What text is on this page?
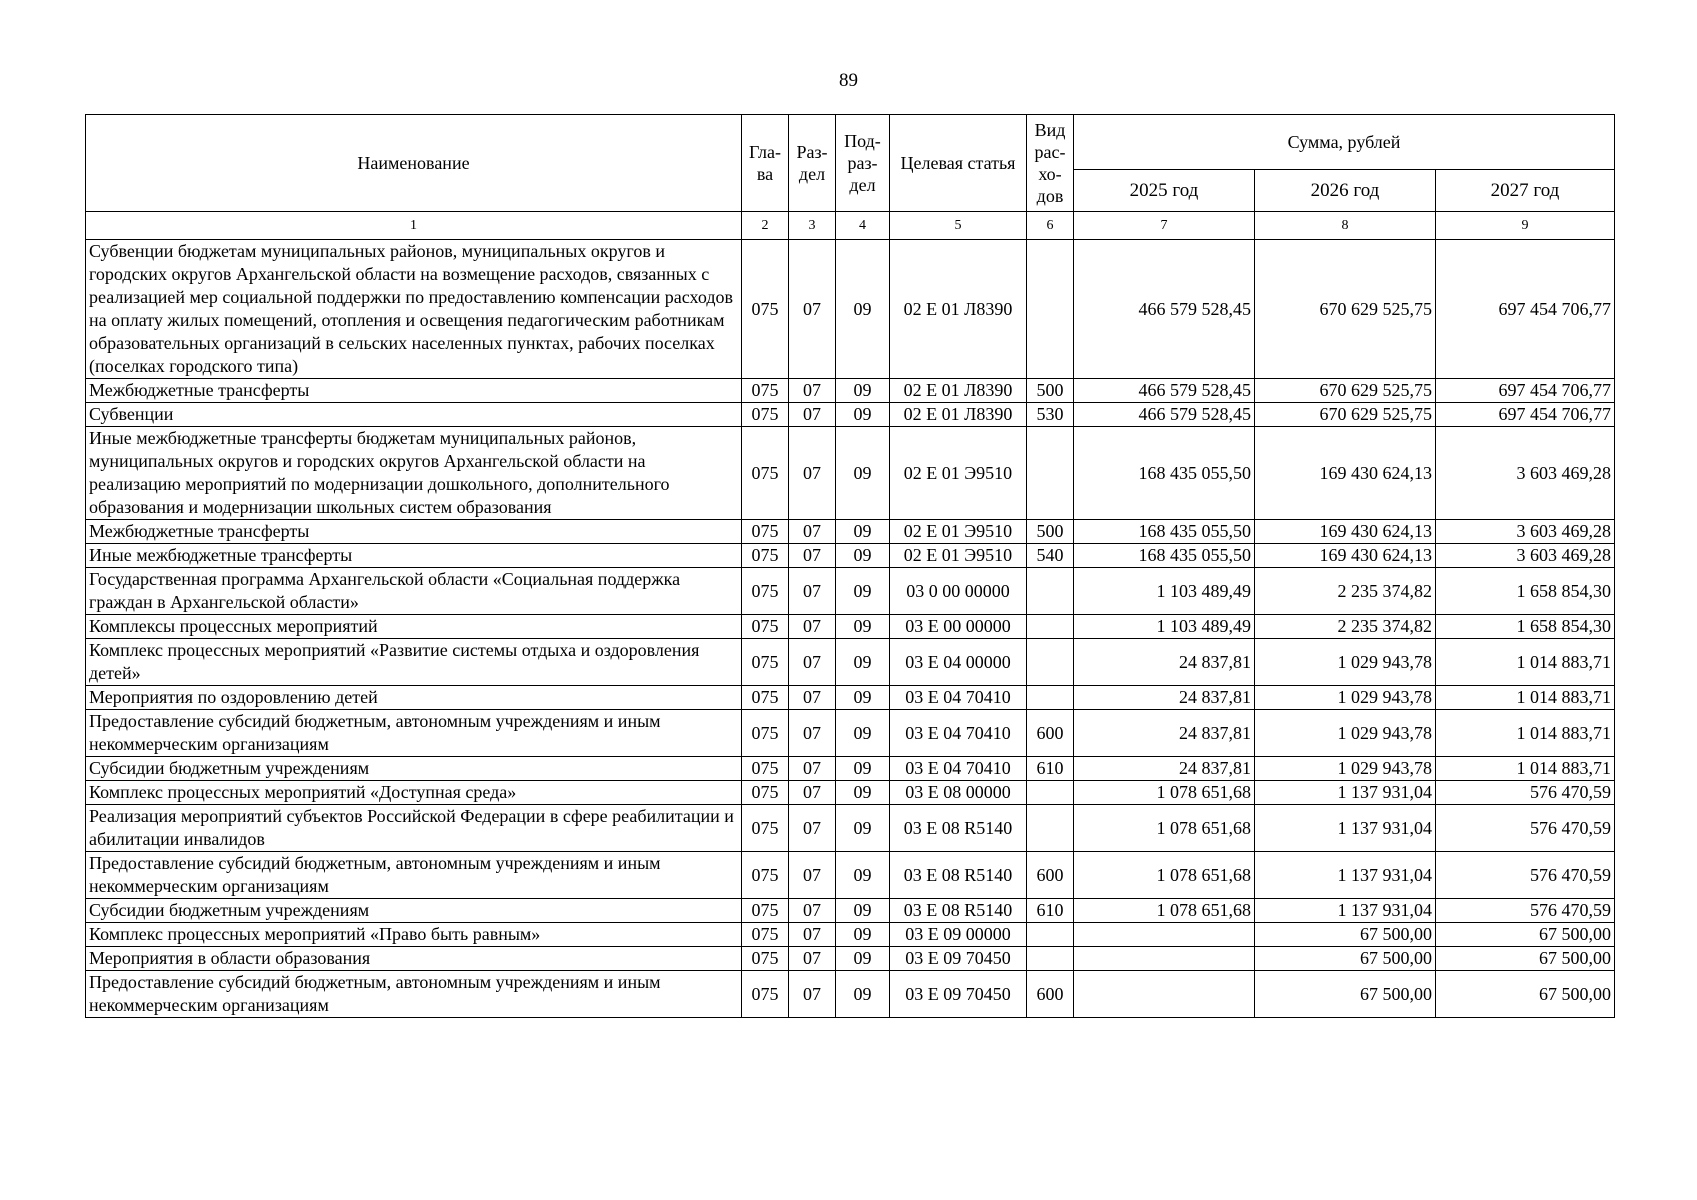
89
Наименование	Гла-ва	Раз-дел	Под-раз-дел	Целевая статья	Вид рас-хо-дов	Сумма, рублей		
						2025 год	2026 год	2027 год
1	2	3	4	5	6	7	8	9
Субвенции бюджетам муниципальных районов, муниципальных округов и городских округов Архангельской области на возмещение расходов, связанных с реализацией мер социальной поддержки по предоставлению компенсации расходов на оплату жилых помещений, отопления и освещения педагогическим работникам образовательных организаций в сельских населенных пунктах, рабочих поселках (поселках городского типа)	075	07	09	02 Е 01 Л8390		466 579 528,45	670 629 525,75	697 454 706,77
Межбюджетные трансферты	075	07	09	02 Е 01 Л8390	500	466 579 528,45	670 629 525,75	697 454 706,77
Субвенции	075	07	09	02 Е 01 Л8390	530	466 579 528,45	670 629 525,75	697 454 706,77
Иные межбюджетные трансферты бюджетам муниципальных районов, муниципальных округов и городских округов Архангельской области на реализацию мероприятий по модернизации дошкольного, дополнительного образования и модернизации школьных систем образования	075	07	09	02 Е 01 Э9510		168 435 055,50	169 430 624,13	3 603 469,28
Межбюджетные трансферты	075	07	09	02 Е 01 Э9510	500	168 435 055,50	169 430 624,13	3 603 469,28
Иные межбюджетные трансферты	075	07	09	02 Е 01 Э9510	540	168 435 055,50	169 430 624,13	3 603 469,28
Государственная программа Архангельской области «Социальная поддержка граждан в Архангельской области»	075	07	09	03 0 00 00000		1 103 489,49	2 235 374,82	1 658 854,30
Комплексы процессных мероприятий	075	07	09	03 Е 00 00000		1 103 489,49	2 235 374,82	1 658 854,30
Комплекс процессных мероприятий «Развитие системы отдыха и оздоровления детей»	075	07	09	03 Е 04 00000		24 837,81	1 029 943,78	1 014 883,71
Мероприятия по оздоровлению детей	075	07	09	03 Е 04 70410		24 837,81	1 029 943,78	1 014 883,71
Предоставление субсидий бюджетным, автономным учреждениям и иным некоммерческим организациям	075	07	09	03 Е 04 70410	600	24 837,81	1 029 943,78	1 014 883,71
Субсидии бюджетным учреждениям	075	07	09	03 Е 04 70410	610	24 837,81	1 029 943,78	1 014 883,71
Комплекс процессных мероприятий «Доступная среда»	075	07	09	03 Е 08 00000		1 078 651,68	1 137 931,04	576 470,59
Реализация мероприятий субъектов Российской Федерации в сфере реабилитации и абилитации инвалидов	075	07	09	03 Е 08 R5140		1 078 651,68	1 137 931,04	576 470,59
Предоставление субсидий бюджетным, автономным учреждениям и иным некоммерческим организациям	075	07	09	03 Е 08 R5140	600	1 078 651,68	1 137 931,04	576 470,59
Субсидии бюджетным учреждениям	075	07	09	03 Е 08 R5140	610	1 078 651,68	1 137 931,04	576 470,59
Комплекс процессных мероприятий «Право быть равным»	075	07	09	03 Е 09 00000			67 500,00	67 500,00
Мероприятия в области образования	075	07	09	03 Е 09 70450			67 500,00	67 500,00
Предоставление субсидий бюджетным, автономным учреждениям и иным некоммерческим организациям	075	07	09	03 Е 09 70450	600		67 500,00	67 500,00
